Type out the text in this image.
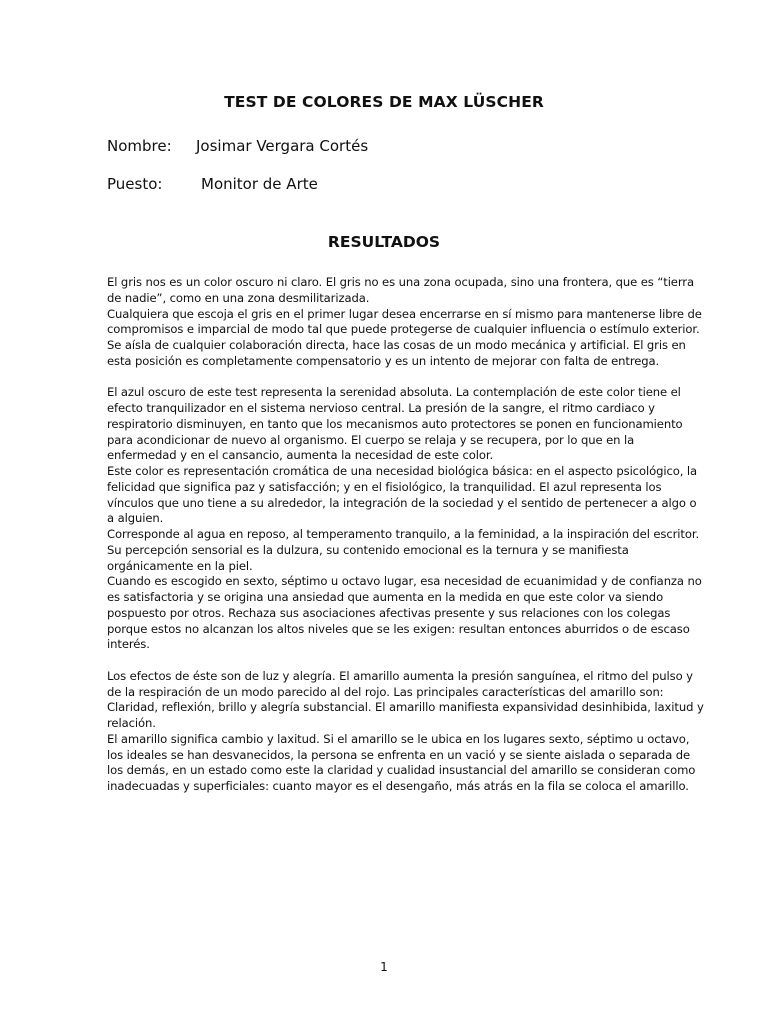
TEST DE COLORES DE MAX LÜSCHER
Nombre: Josimar Vergara Cortés
Puesto:	Monitor de Arte
RESULTADOS

El gris nos es un color oscuro ni claro. El gris no es una zona ocupada, sino una frontera, que es “tierra de nadie”, como en una zona desmilitarizada.

Cualquiera que escoja el gris en el primer lugar desea encerrarse en sí mismo para mantenerse libre de compromisos e imparcial de modo tal que puede protegerse de cualquier influencia o estímulo exterior. Se aísla de cualquier colaboración directa, hace las cosas de un modo mecánica y artificial. El gris en esta posición es completamente compensatorio y es un intento de mejorar con falta de entrega.

El azul oscuro de este test representa la serenidad absoluta. La contemplación de este color tiene el efecto tranquilizador en el sistema nervioso central. La presión de la sangre, el ritmo cardiaco y respiratorio disminuyen, en tanto que los mecanismos auto protectores se ponen en funcionamiento para acondicionar de nuevo al organismo. El cuerpo se relaja y se recupera, por lo que en la enfermedad y en el cansancio, aumenta la necesidad de este color.

Este color es representación cromática de una necesidad biológica básica: en el aspecto psicológico, la felicidad que significa paz y satisfacción; y en el fisiológico, la tranquilidad. El azul representa los vínculos que uno tiene a su alrededor, la integración de la sociedad y el sentido de pertenecer a algo o a alguien.

Corresponde al agua en reposo, al temperamento tranquilo, a la feminidad, a la inspiración del escritor. Su percepción sensorial es la dulzura, su contenido emocional es la ternura y se manifiesta orgánicamente en la piel.

Cuando es escogido en sexto, séptimo u octavo lugar, esa necesidad de ecuanimidad y de confianza no es satisfactoria y se origina una ansiedad que aumenta en la medida en que este color va siendo pospuesto por otros. Rechaza sus asociaciones afectivas presente y sus relaciones con los colegas porque estos no alcanzan los altos niveles que se les exigen: resultan entonces aburridos o de escaso interés.

Los efectos de éste son de luz y alegría. El amarillo aumenta la presión sanguínea, el ritmo del pulso y de la respiración de un modo parecido al del rojo. Las principales características del amarillo son: Claridad, reflexión, brillo y alegría substancial. El amarillo manifiesta expansividad desinhibida, laxitud y relación.

El amarillo significa cambio y laxitud. Si el amarillo se le ubica en los lugares sexto, séptimo u octavo, los ideales se han desvanecidos, la persona se enfrenta en un vació y se siente aislada o separada de los demás, en un estado como este la claridad y cualidad insustancial del amarillo se consideran como inadecuadas y superficiales: cuanto mayor es el desengaño, más atrás en la fila se coloca el amarillo.

1
